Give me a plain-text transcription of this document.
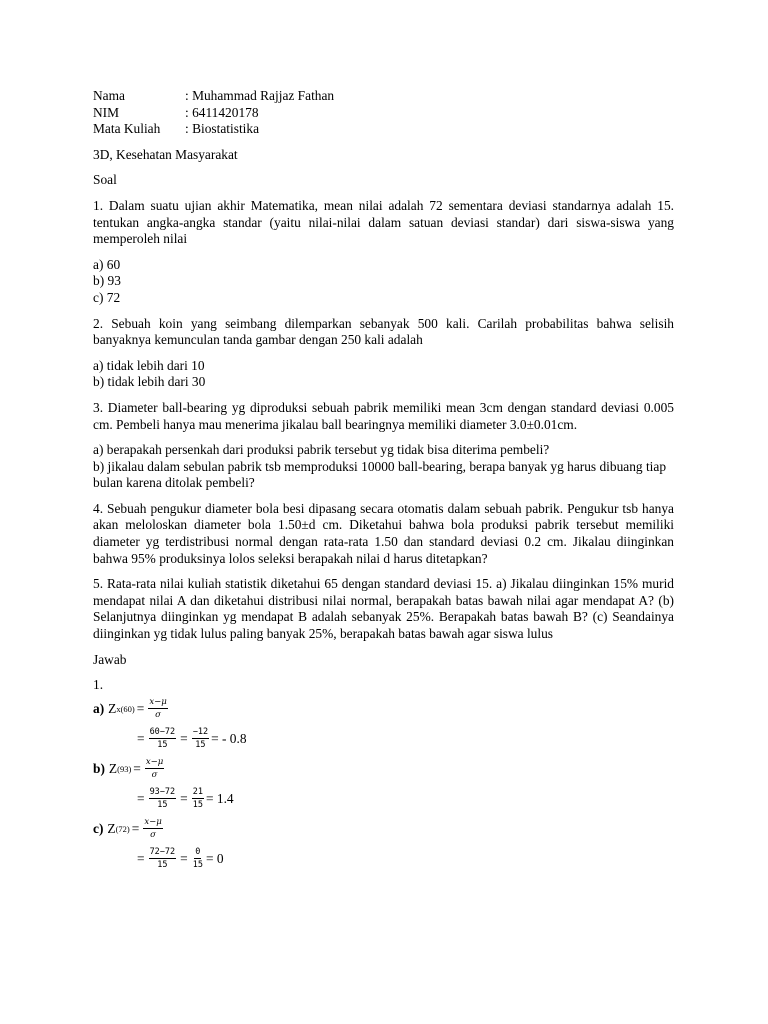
Nama	: Muhammad Rajjaz Fathan
NIM	: 6411420178
Mata Kuliah	: Biostatistika

3D, Kesehatan Masyarakat

Soal

1. Dalam suatu ujian akhir Matematika, mean nilai adalah 72 sementara deviasi standarnya adalah 15. tentukan angka-angka standar (yaitu nilai-nilai dalam satuan deviasi standar) dari siswa-siswa yang memperoleh nilai

a) 60

b) 93

c) 72

2. Sebuah koin yang seimbang dilemparkan sebanyak 500 kali. Carilah probabilitas bahwa selisih banyaknya kemunculan tanda gambar dengan 250 kali adalah

a) tidak lebih dari 10

b) tidak lebih dari 30

3. Diameter ball-bearing yg diproduksi sebuah pabrik memiliki mean 3cm dengan standard deviasi 0.005 cm. Pembeli hanya mau menerima jikalau ball bearingnya memiliki diameter 3.0±0.01cm.

a) berapakah persenkah dari produksi pabrik tersebut yg tidak bisa diterima pembeli?

b) jikalau dalam sebulan pabrik tsb memproduksi 10000 ball-bearing, berapa banyak yg harus dibuang tiap bulan karena ditolak pembeli?

4. Sebuah pengukur diameter bola besi dipasang secara otomatis dalam sebuah pabrik. Pengukur tsb hanya akan meloloskan diameter bola 1.50±d cm. Diketahui bahwa bola produksi pabrik tersebut memiliki diameter yg terdistribusi normal dengan rata-rata 1.50 dan standard deviasi 0.2 cm. Jikalau diinginkan bahwa 95% produksinya lolos seleksi berapakah nilai d harus ditetapkan?

5. Rata-rata nilai kuliah statistik diketahui 65 dengan standard deviasi 15. a) Jikalau diinginkan 15% murid mendapat nilai A dan diketahui distribusi nilai normal, berapakah batas bawah nilai agar mendapat A? (b) Selanjutnya diinginkan yg mendapat B adalah sebanyak 25%. Berapakah batas bawah B? (c) Seandainya diinginkan yg tidak lulus paling banyak 25%, berapakah batas bawah agar siswa lulus

Jawab

1.

a) Z $x(60) = \frac{x-\mu}{\sigma}$
= $\frac{60-72}{15} = \frac{-12}{15}$ = - 0.8
b) Z $(93) = \frac{x-\mu}{\sigma}$
= $\frac{93-72}{15} = \frac{21}{15} = 1.4$
c) Z $(72) = \frac{x-\mu}{\sigma}$
= $\frac{72-72}{15} = \frac{0}{15} = 0$
